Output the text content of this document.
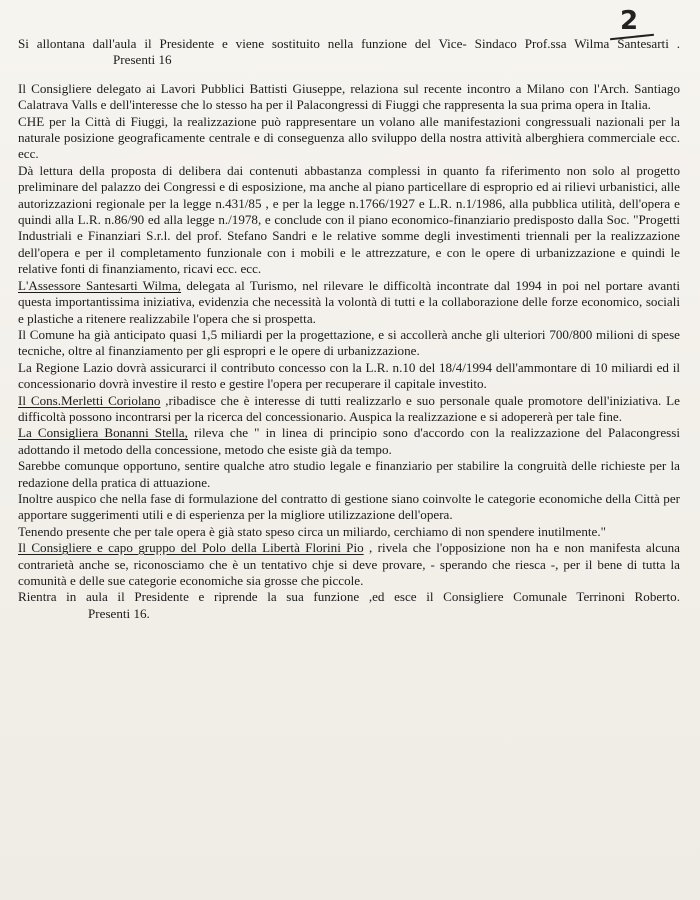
2

Si allontana dall'aula il Presidente e viene sostituito nella funzione del Vice- Sindaco Prof.ssa Wilma Santesarti . Presenti 16

Il Consigliere delegato ai Lavori Pubblici Battisti Giuseppe, relaziona sul recente incontro a Milano con l'Arch. Santiago Calatrava Valls e dell'interesse che lo stesso ha per il Palacongressi di Fiuggi che rappresenta la sua prima opera in Italia.

CHE per la Città di Fiuggi, la realizzazione può rappresentare un volano alle manifestazioni congressuali nazionali per la naturale posizione geograficamente centrale e di conseguenza allo sviluppo della nostra attività alberghiera commerciale ecc. ecc.

Dà lettura della proposta di delibera dai contenuti abbastanza complessi in quanto fa riferimento non solo al progetto preliminare del palazzo dei Congressi e di esposizione, ma anche al piano particellare di esproprio ed ai rilievi urbanistici, alle autorizzazioni regionale per la legge n.431/85 , e per la legge n.1766/1927 e L.R. n.1/1986, alla pubblica utilità, dell'opera e quindi alla L.R. n.86/90 ed alla legge n./1978, e conclude con il piano economico-finanziario predisposto dalla Soc. "Progetti Industriali e Finanziari S.r.l. del prof. Stefano Sandri e le relative somme degli investimenti triennali per la realizzazione dell'opera e per il completamento funzionale con i mobili e le attrezzature, e con le opere di urbanizzazione e quindi le relative fonti di finanziamento, ricavi ecc. ecc.

L'Assessore Santesarti Wilma, delegata al Turismo, nel rilevare le difficoltà incontrate dal 1994 in poi nel portare avanti questa importantissima iniziativa, evidenzia che necessità la volontà di tutti e la collaborazione delle forze economico, sociali e plastiche a ritenere realizzabile l'opera che si prospetta.

Il Comune ha già anticipato quasi 1,5 miliardi per la progettazione, e si accollerà anche gli ulteriori 700/800 milioni di spese tecniche, oltre al finanziamento per gli espropri e le opere di urbanizzazione.

La Regione Lazio dovrà assicurarci il contributo concesso con la L.R. n.10 del 18/4/1994 dell'ammontare di 10 miliardi ed il concessionario dovrà investire il resto e gestire l'opera per recuperare il capitale investito.

Il Cons.Merletti Coriolano ,ribadisce che è interesse di tutti realizzarlo e suo personale quale promotore dell'iniziativa. Le difficoltà possono incontrarsi per la ricerca del concessionario. Auspica la realizzazione e si adopererà per tale fine.

La Consigliera Bonanni Stella, rileva che " in linea di principio sono d'accordo con la realizzazione del Palacongressi adottando il metodo della concessione, metodo che esiste già da tempo.

Sarebbe comunque opportuno, sentire qualche atro studio legale e finanziario per stabilire la congruità delle richieste per la redazione della pratica di attuazione.

Inoltre auspico che nella fase di formulazione del contratto di gestione siano coinvolte le categorie economiche della Città per apportare suggerimenti utili e di esperienza per la migliore utilizzazione dell'opera.

Tenendo presente che per tale opera è già stato speso circa un miliardo, cerchiamo di non spendere inutilmente."

Il Consigliere e capo gruppo del Polo della Libertà Florini Pio , rivela che l'opposizione non ha e non manifesta alcuna contrarietà anche se, riconosciamo che è un tentativo chje si deve provare, - sperando che riesca -, per il bene di tutta la comunità e delle sue categorie economiche sia grosse che piccole.

Rientra in aula il Presidente e riprende la sua funzione ,ed esce il Consigliere Comunale Terrinoni Roberto. Presenti 16.
